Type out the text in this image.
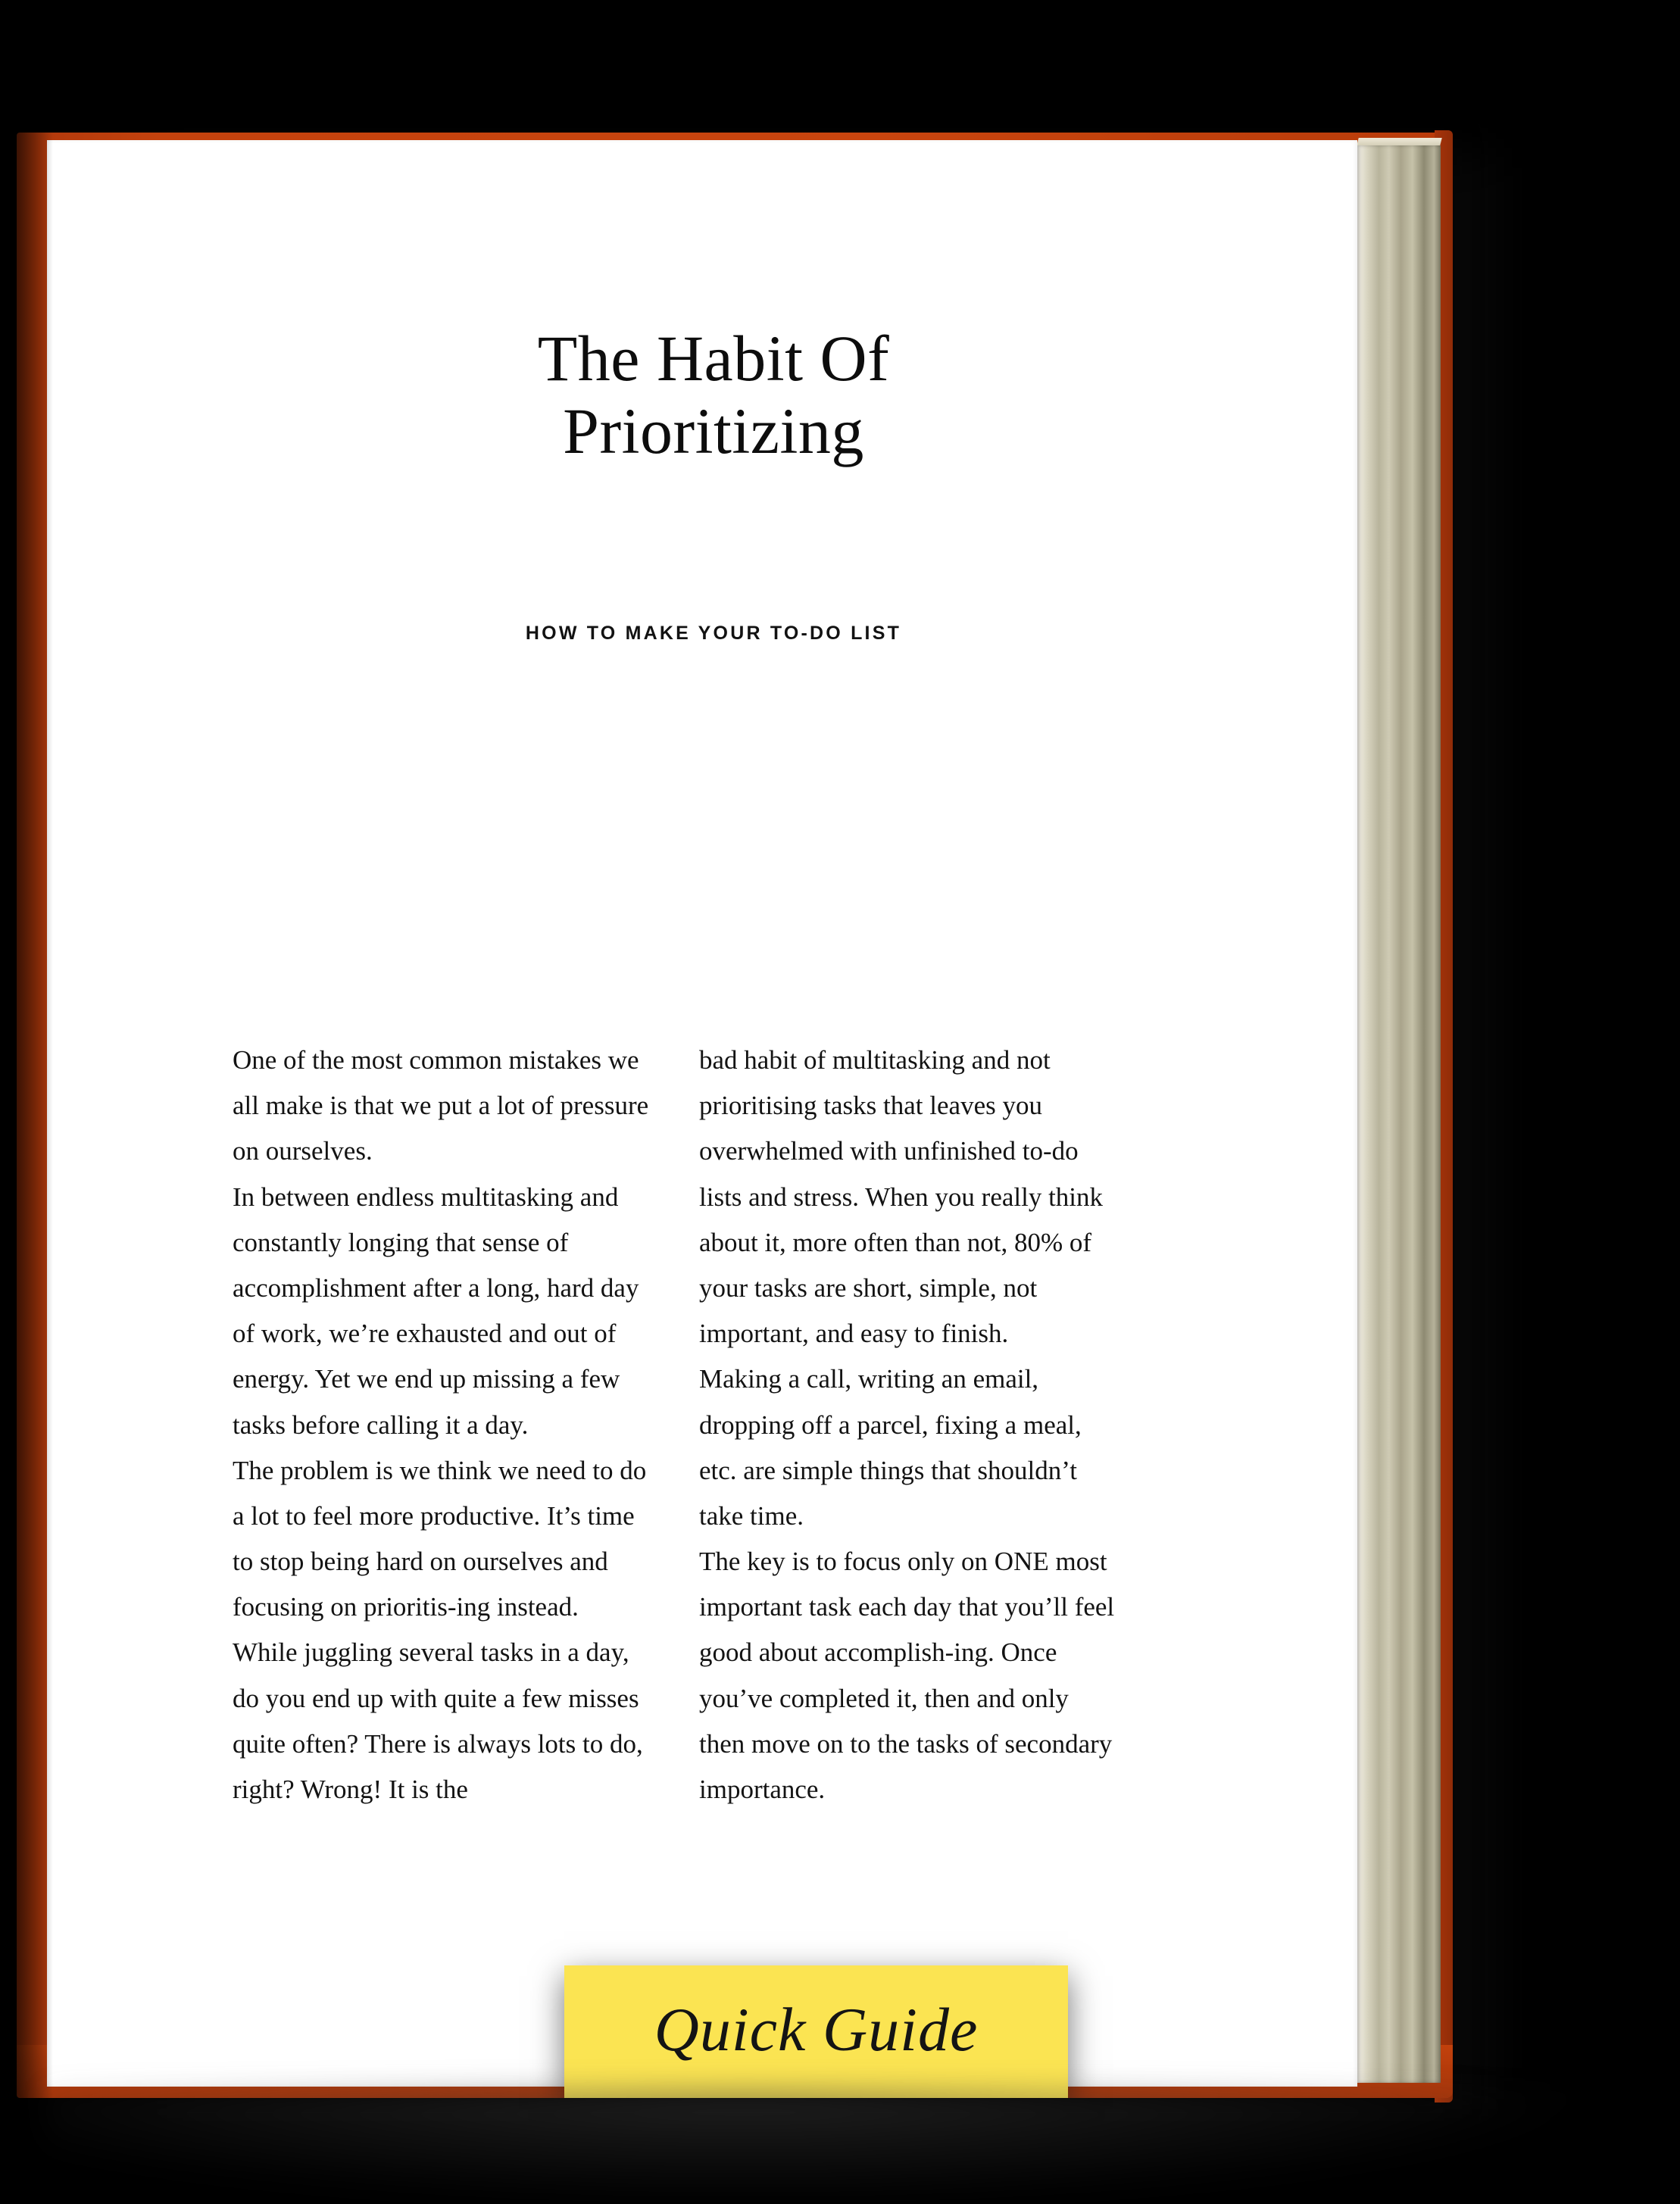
The Habit Of Prioritizing
HOW TO MAKE YOUR TO-DO LIST

One of the most common mistakes we all make is that we put a lot of pressure on ourselves.

In between endless multitasking and constantly longing that sense of accomplishment after a long, hard day of work, we’re exhausted and out of energy. Yet we end up missing a few tasks before calling it a day.

The problem is we think we need to do a lot to feel more productive. It’s time to stop being hard on ourselves and focusing on prioritis-ing instead.

While juggling several tasks in a day, do you end up with quite a few misses quite often? There is always lots to do, right? Wrong! It is the

bad habit of multitasking and not prioritising tasks that leaves you overwhelmed with unfinished to-do lists and stress. When you really think about it, more often than not, 80% of your tasks are short, simple, not important, and easy to finish.

Making a call, writing an email, dropping off a parcel, fixing a meal, etc. are simple things that shouldn’t take time.

The key is to focus only on ONE most important task each day that you’ll feel good about accomplish-ing. Once you’ve completed it, then and only then move on to the tasks of secondary importance.

Quick Guide
